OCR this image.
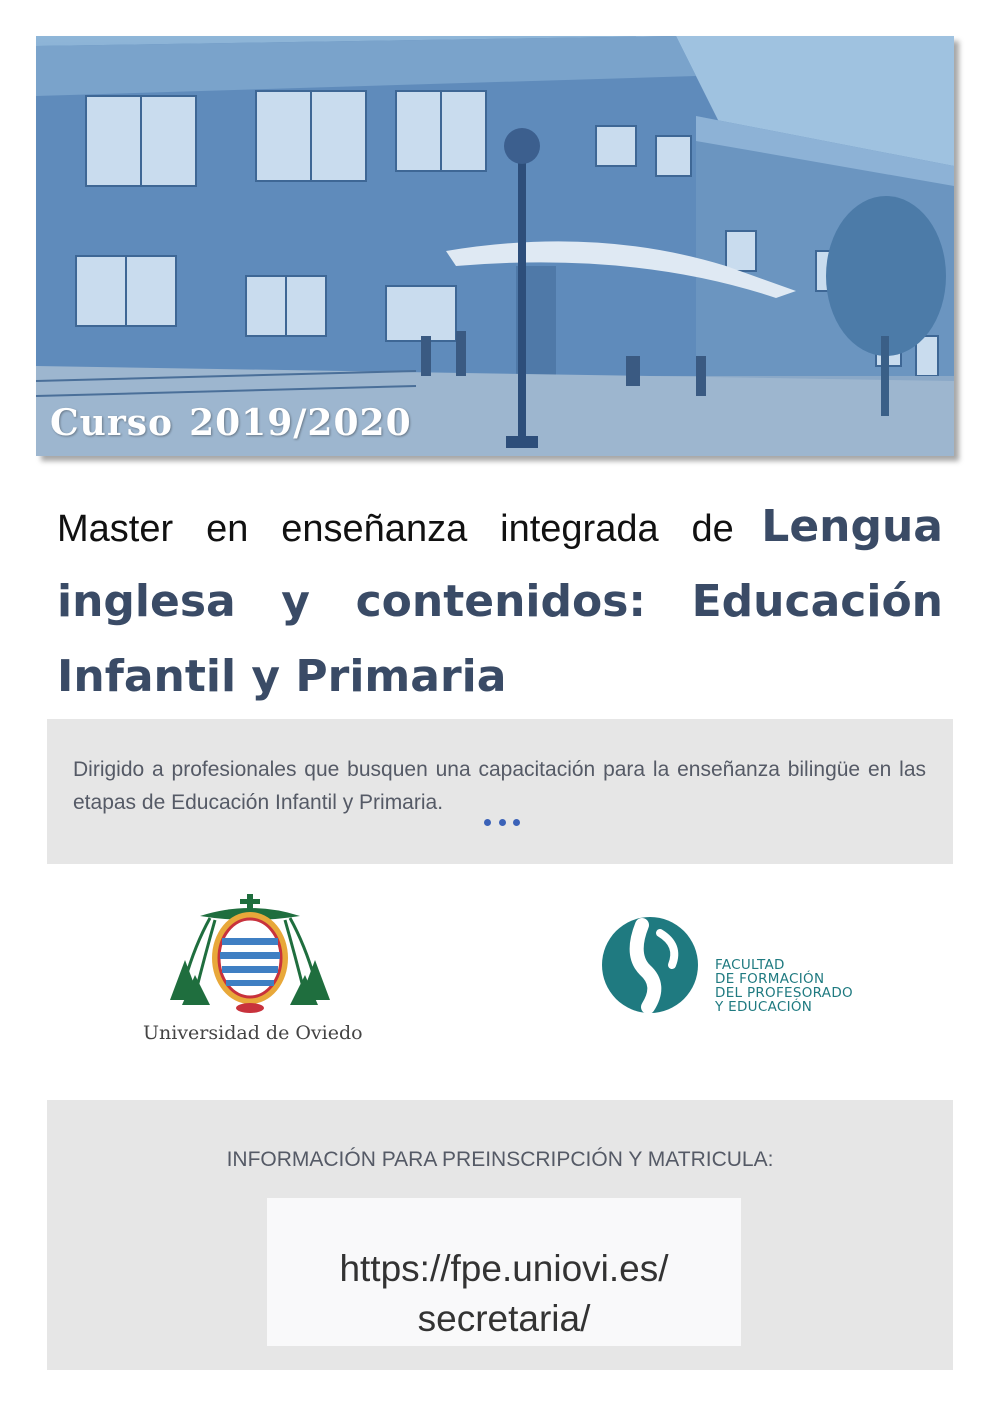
Curso 2019/2020
Master en enseñanza integrada de Lengua inglesa y contenidos: Educación Infantil y Primaria
Dirigido a profesionales que busquen una capacitación para la enseñanza bilingüe en las etapas de Educación Infantil y Primaria.
Universidad de Oviedo
FACULTAD
DE FORMACIÓN
DEL PROFESORADO
Y EDUCACIÓN
INFORMACIÓN PARA PREINSCRIPCIÓN Y MATRICULA:
https://fpe.uniovi.es/
secretaria/
